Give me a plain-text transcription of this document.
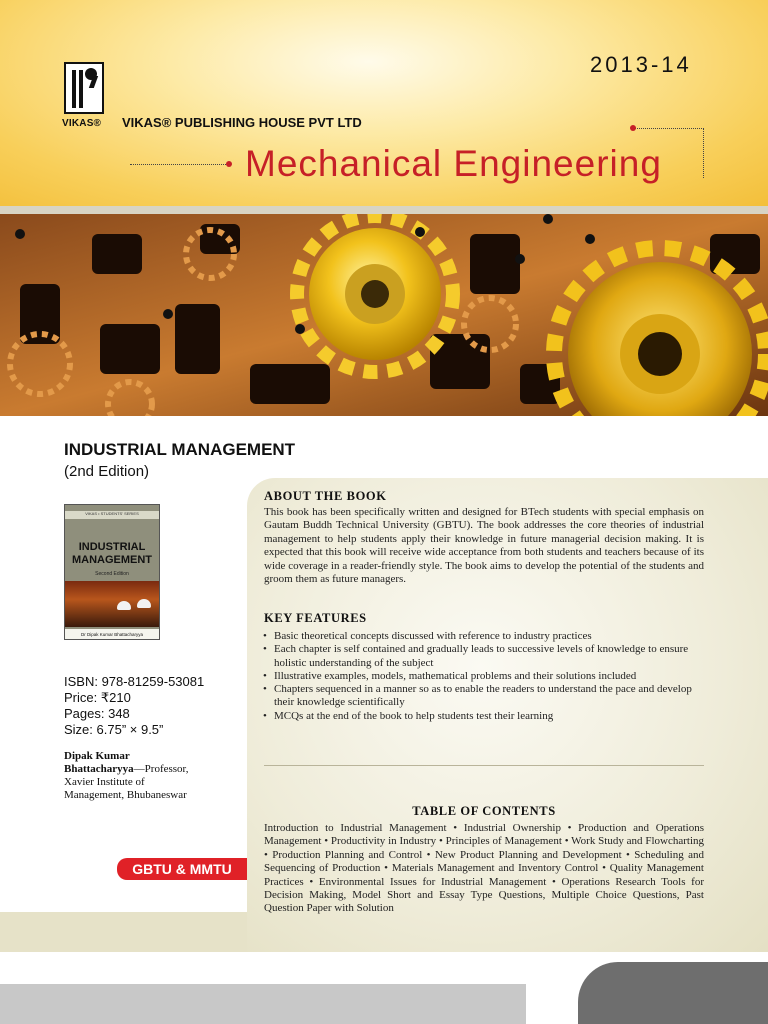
VIKAS® VIKAS® PUBLISHING HOUSE PVT LTD
2013-14
Mechanical Engineering
INDUSTRIAL MANAGEMENT
(2nd Edition)
VIKAS • STUDENTS' SERIES
INDUSTRIAL
MANAGEMENT
Second Edition
Dr Dipak Kumar Bhattacharyya
ISBN: 978-81259-53081
Price: ₹210
Pages: 348
Size: 6.75” × 9.5”
Dipak Kumar
Bhattacharyya—Professor,
Xavier Institute of
Management, Bhubaneswar
GBTU & MMTU
ABOUT THE BOOK
This book has been specifically written and designed for BTech students with special emphasis on Gautam Buddh Technical University (GBTU). The book addresses the core theories of industrial management to help students apply their knowledge in future managerial decision making. It is expected that this book will receive wide acceptance from both students and teachers because of its wide coverage in a reader-friendly style. The book aims to develop the potential of the students and groom them as future managers.
KEY FEATURES
• Basic theoretical concepts discussed with reference to industry practices
• Each chapter is self contained and gradually leads to successive levels of knowledge to ensure holistic understanding of the subject
• Illustrative examples, models, mathematical problems and their solutions included
• Chapters sequenced in a manner so as to enable the readers to understand the pace and develop their knowledge scientifically
• MCQs at the end of the book to help students test their learning
TABLE OF CONTENTS
Introduction to Industrial Management • Industrial Ownership • Production and Operations Management • Productivity in Industry • Principles of Management • Work Study and Flowcharting • Production Planning and Control • New Product Planning and Development • Scheduling and Sequencing of Production • Materials Management and Inventory Control • Quality Management Practices • Environmental Issues for Industrial Management • Operations Research Tools for Decision Making, Model Short and Essay Type Questions, Multiple Choice Questions, Past Question Paper with Solution
